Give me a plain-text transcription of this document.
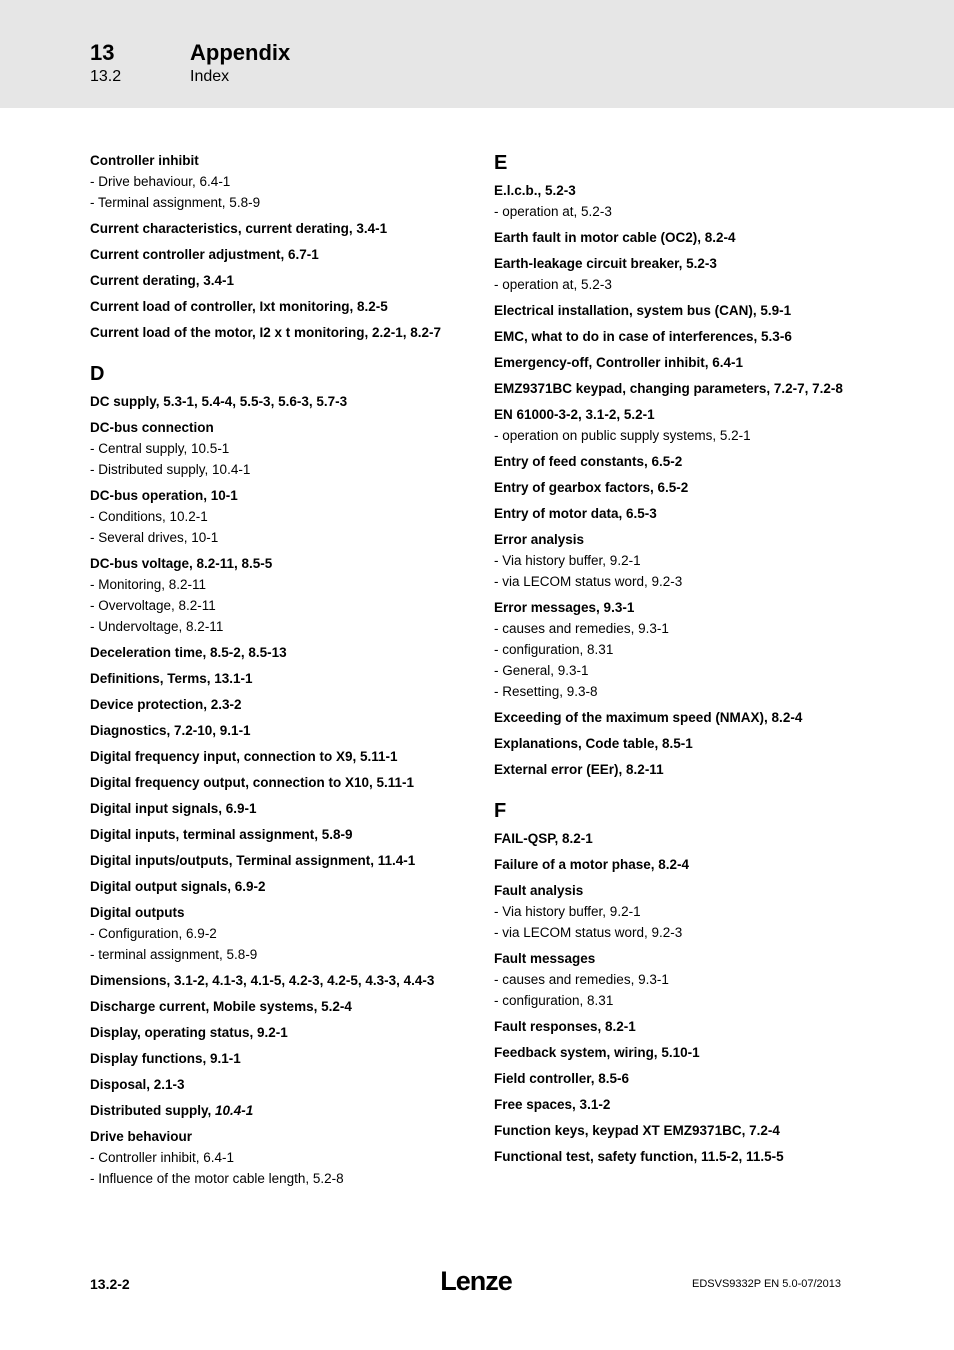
13	Appendix
13.2	Index
Controller inhibit
- Drive behaviour, 6.4-1
- Terminal assignment, 5.8-9
Current characteristics, current derating, 3.4-1
Current controller adjustment, 6.7-1
Current derating, 3.4-1
Current load of controller, Ixt monitoring, 8.2-5
Current load of the motor, I2 x t monitoring, 2.2-1, 8.2-7
D
DC supply, 5.3-1, 5.4-4, 5.5-3, 5.6-3, 5.7-3
DC-bus connection
- Central supply, 10.5-1
- Distributed supply, 10.4-1
DC-bus operation, 10-1
- Conditions, 10.2-1
- Several drives, 10-1
DC-bus voltage, 8.2-11, 8.5-5
- Monitoring, 8.2-11
- Overvoltage, 8.2-11
- Undervoltage, 8.2-11
Deceleration time, 8.5-2, 8.5-13
Definitions, Terms, 13.1-1
Device protection, 2.3-2
Diagnostics, 7.2-10, 9.1-1
Digital frequency input, connection to X9, 5.11-1
Digital frequency output, connection to X10, 5.11-1
Digital input signals, 6.9-1
Digital inputs, terminal assignment, 5.8-9
Digital inputs/outputs, Terminal assignment, 11.4-1
Digital output signals, 6.9-2
Digital outputs
- Configuration, 6.9-2
- terminal assignment, 5.8-9
Dimensions, 3.1-2, 4.1-3, 4.1-5, 4.2-3, 4.2-5, 4.3-3, 4.4-3
Discharge current, Mobile systems, 5.2-4
Display, operating status, 9.2-1
Display functions, 9.1-1
Disposal, 2.1-3
Distributed supply, 10.4-1
Drive behaviour
- Controller inhibit, 6.4-1
- Influence of the motor cable length, 5.2-8
E
E.l.c.b., 5.2-3
- operation at, 5.2-3
Earth fault in motor cable (OC2), 8.2-4
Earth-leakage circuit breaker, 5.2-3
- operation at, 5.2-3
Electrical installation, system bus (CAN), 5.9-1
EMC, what to do in case of interferences, 5.3-6
Emergency-off, Controller inhibit, 6.4-1
EMZ9371BC keypad, changing parameters, 7.2-7, 7.2-8
EN 61000-3-2, 3.1-2, 5.2-1
- operation on public supply systems, 5.2-1
Entry of feed constants, 6.5-2
Entry of gearbox factors, 6.5-2
Entry of motor data, 6.5-3
Error analysis
- Via history buffer, 9.2-1
- via LECOM status word, 9.2-3
Error messages, 9.3-1
- causes and remedies, 9.3-1
- configuration, 8.31
- General, 9.3-1
- Resetting, 9.3-8
Exceeding of the maximum speed (NMAX), 8.2-4
Explanations, Code table, 8.5-1
External error (EEr), 8.2-11
F
FAIL-QSP, 8.2-1
Failure of a motor phase, 8.2-4
Fault analysis
- Via history buffer, 9.2-1
- via LECOM status word, 9.2-3
Fault messages
- causes and remedies, 9.3-1
- configuration, 8.31
Fault responses, 8.2-1
Feedback system, wiring, 5.10-1
Field controller, 8.5-6
Free spaces, 3.1-2
Function keys, keypad XT EMZ9371BC, 7.2-4
Functional test, safety function, 11.5-2, 11.5-5
13.2-2	Lenze	EDSVS9332P EN 5.0-07/2013
